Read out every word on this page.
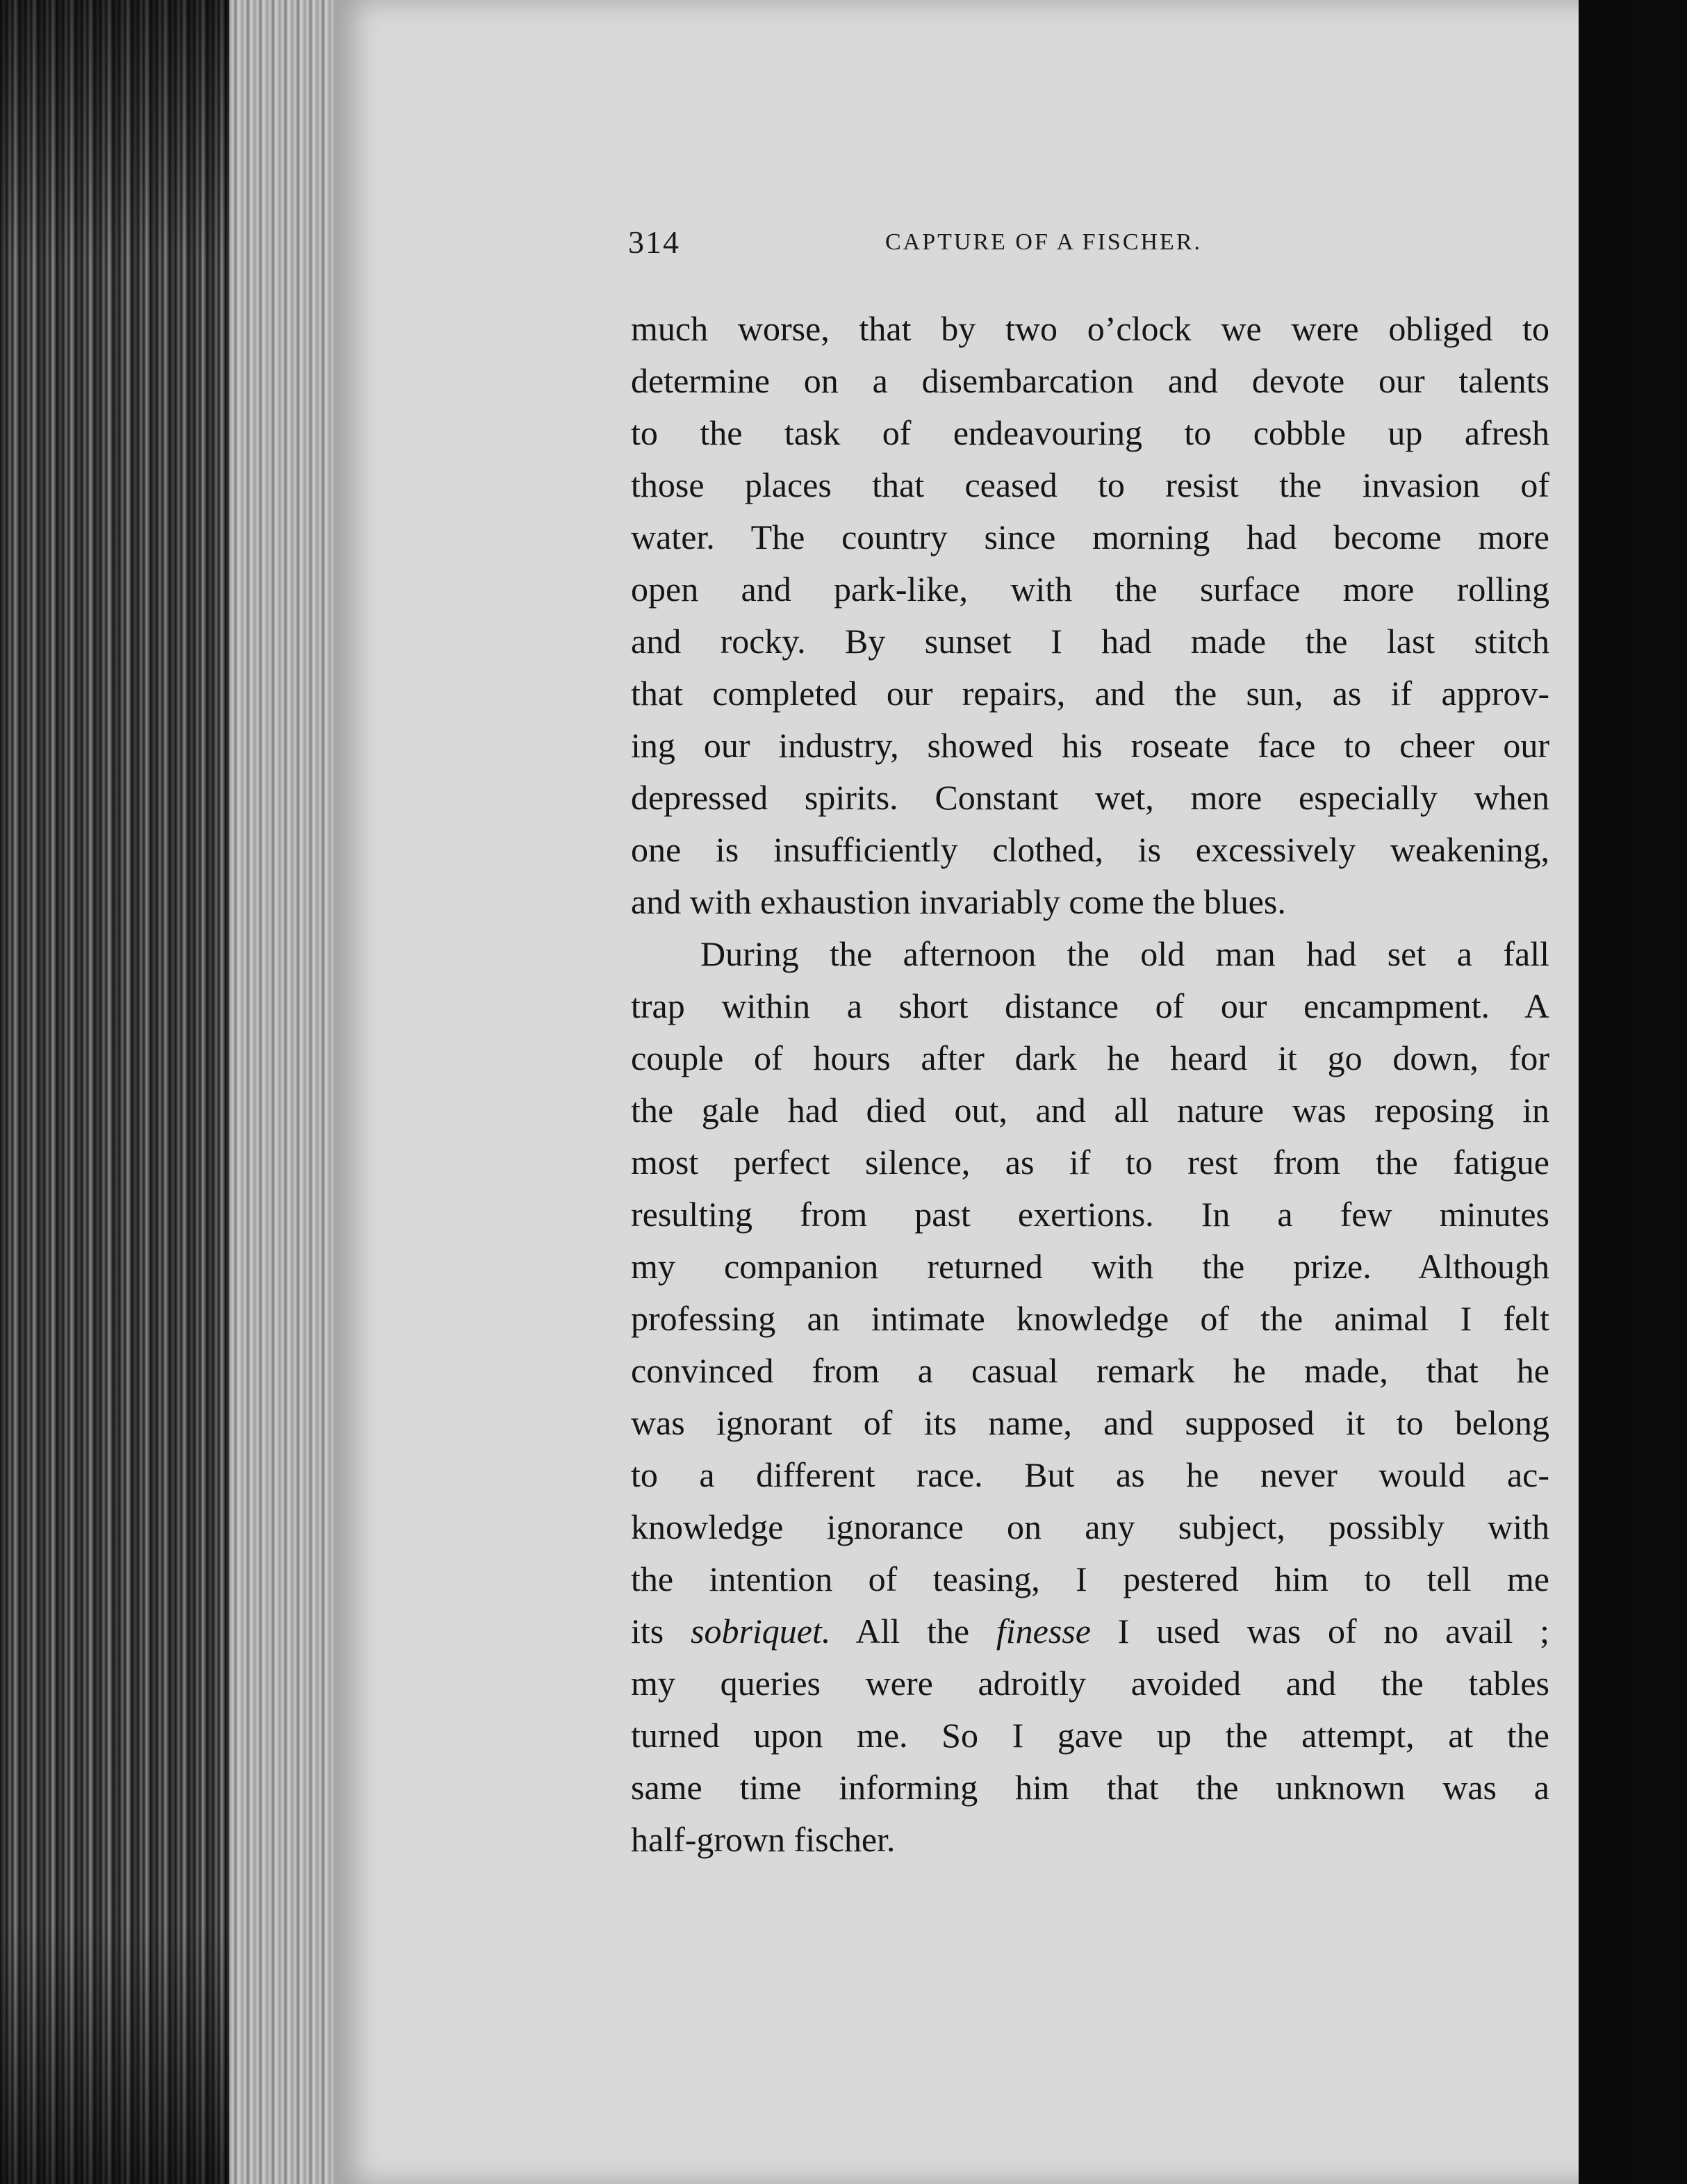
314	CAPTURE OF A FISCHER.
much worse, that by two o’clock we were obliged to
determine on a disembarcation and devote our talents
to the task of endeavouring to cobble up afresh
those places that ceased to resist the invasion of
water. The country since morning had become more
open and park-like, with the surface more rolling
and rocky. By sunset I had made the last stitch
that completed our repairs, and the sun, as if approv-
ing our industry, showed his roseate face to cheer our
depressed spirits. Constant wet, more especially when
one is insufficiently clothed, is excessively weakening,
and with exhaustion invariably come the blues.
During the afternoon the old man had set a fall
trap within a short distance of our encampment. A
couple of hours after dark he heard it go down, for
the gale had died out, and all nature was reposing in
most perfect silence, as if to rest from the fatigue
resulting from past exertions. In a few minutes
my companion returned with the prize. Although
professing an intimate knowledge of the animal I felt
convinced from a casual remark he made, that he
was ignorant of its name, and supposed it to belong
to a different race. But as he never would ac-
knowledge ignorance on any subject, possibly with
the intention of teasing, I pestered him to tell me
its sobriquet. All the finesse I used was of no avail ;
my queries were adroitly avoided and the tables
turned upon me. So I gave up the attempt, at the
same time informing him that the unknown was a
half-grown fischer.
